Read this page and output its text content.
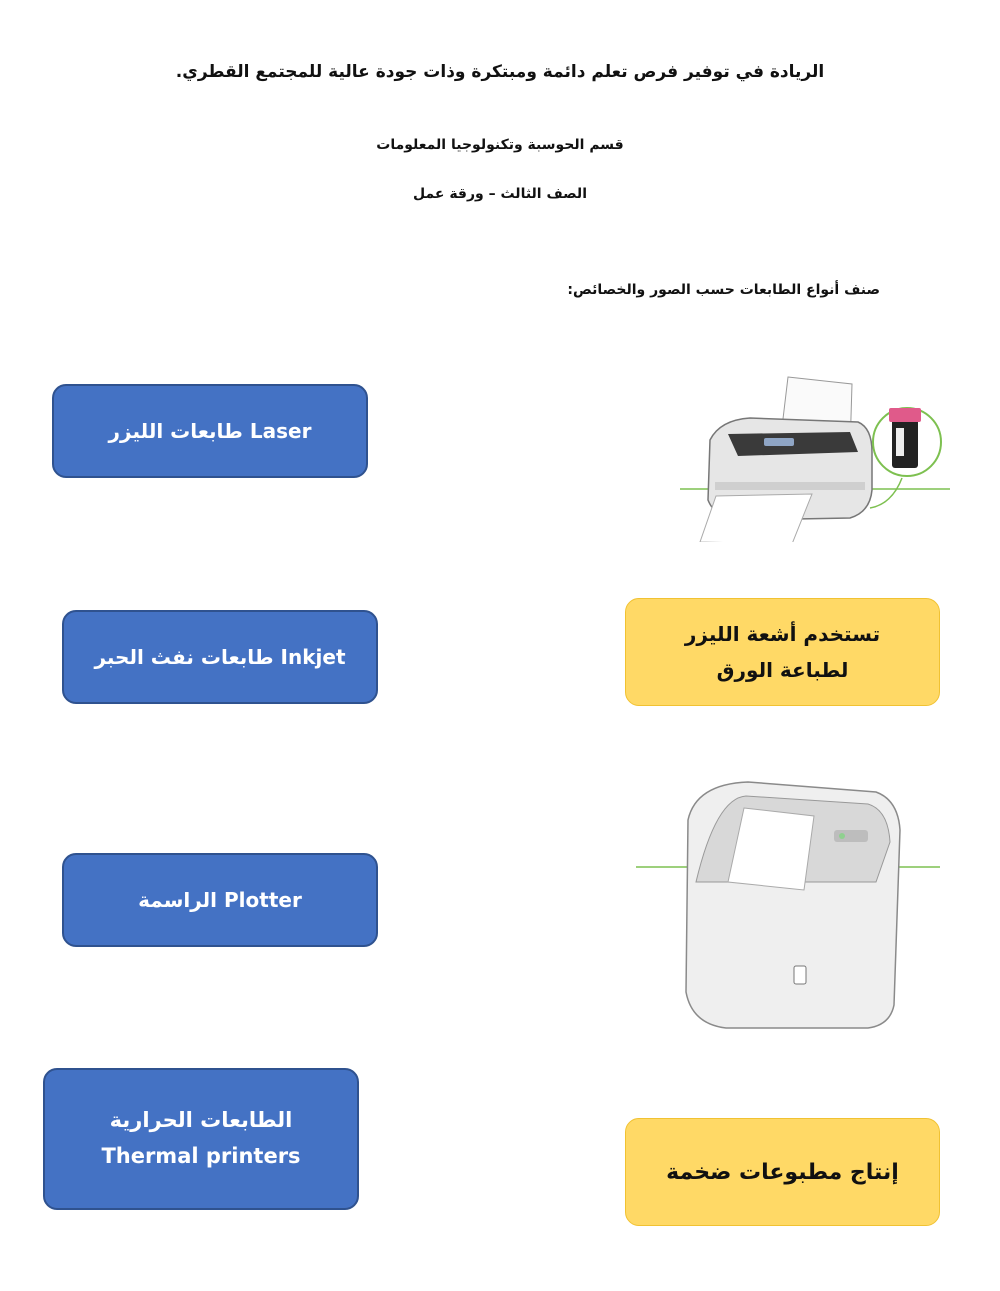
الريادة في توفير فرص تعلم دائمة ومبتكرة وذات جودة عالية للمجتمع القطري.
قسم الحوسبة وتكنولوجيا المعلومات
الصف الثالث – ورقة عمل
صنف أنواع الطابعات حسب الصور والخصائص:
طابعات الليزر Laser
طابعات نفث الحبر Inkjet
الراسمة Plotter
الطابعات الحرارية
Thermal printers
تستخدم أشعة الليزر لطباعة الورق
إنتاج مطبوعات ضخمة
